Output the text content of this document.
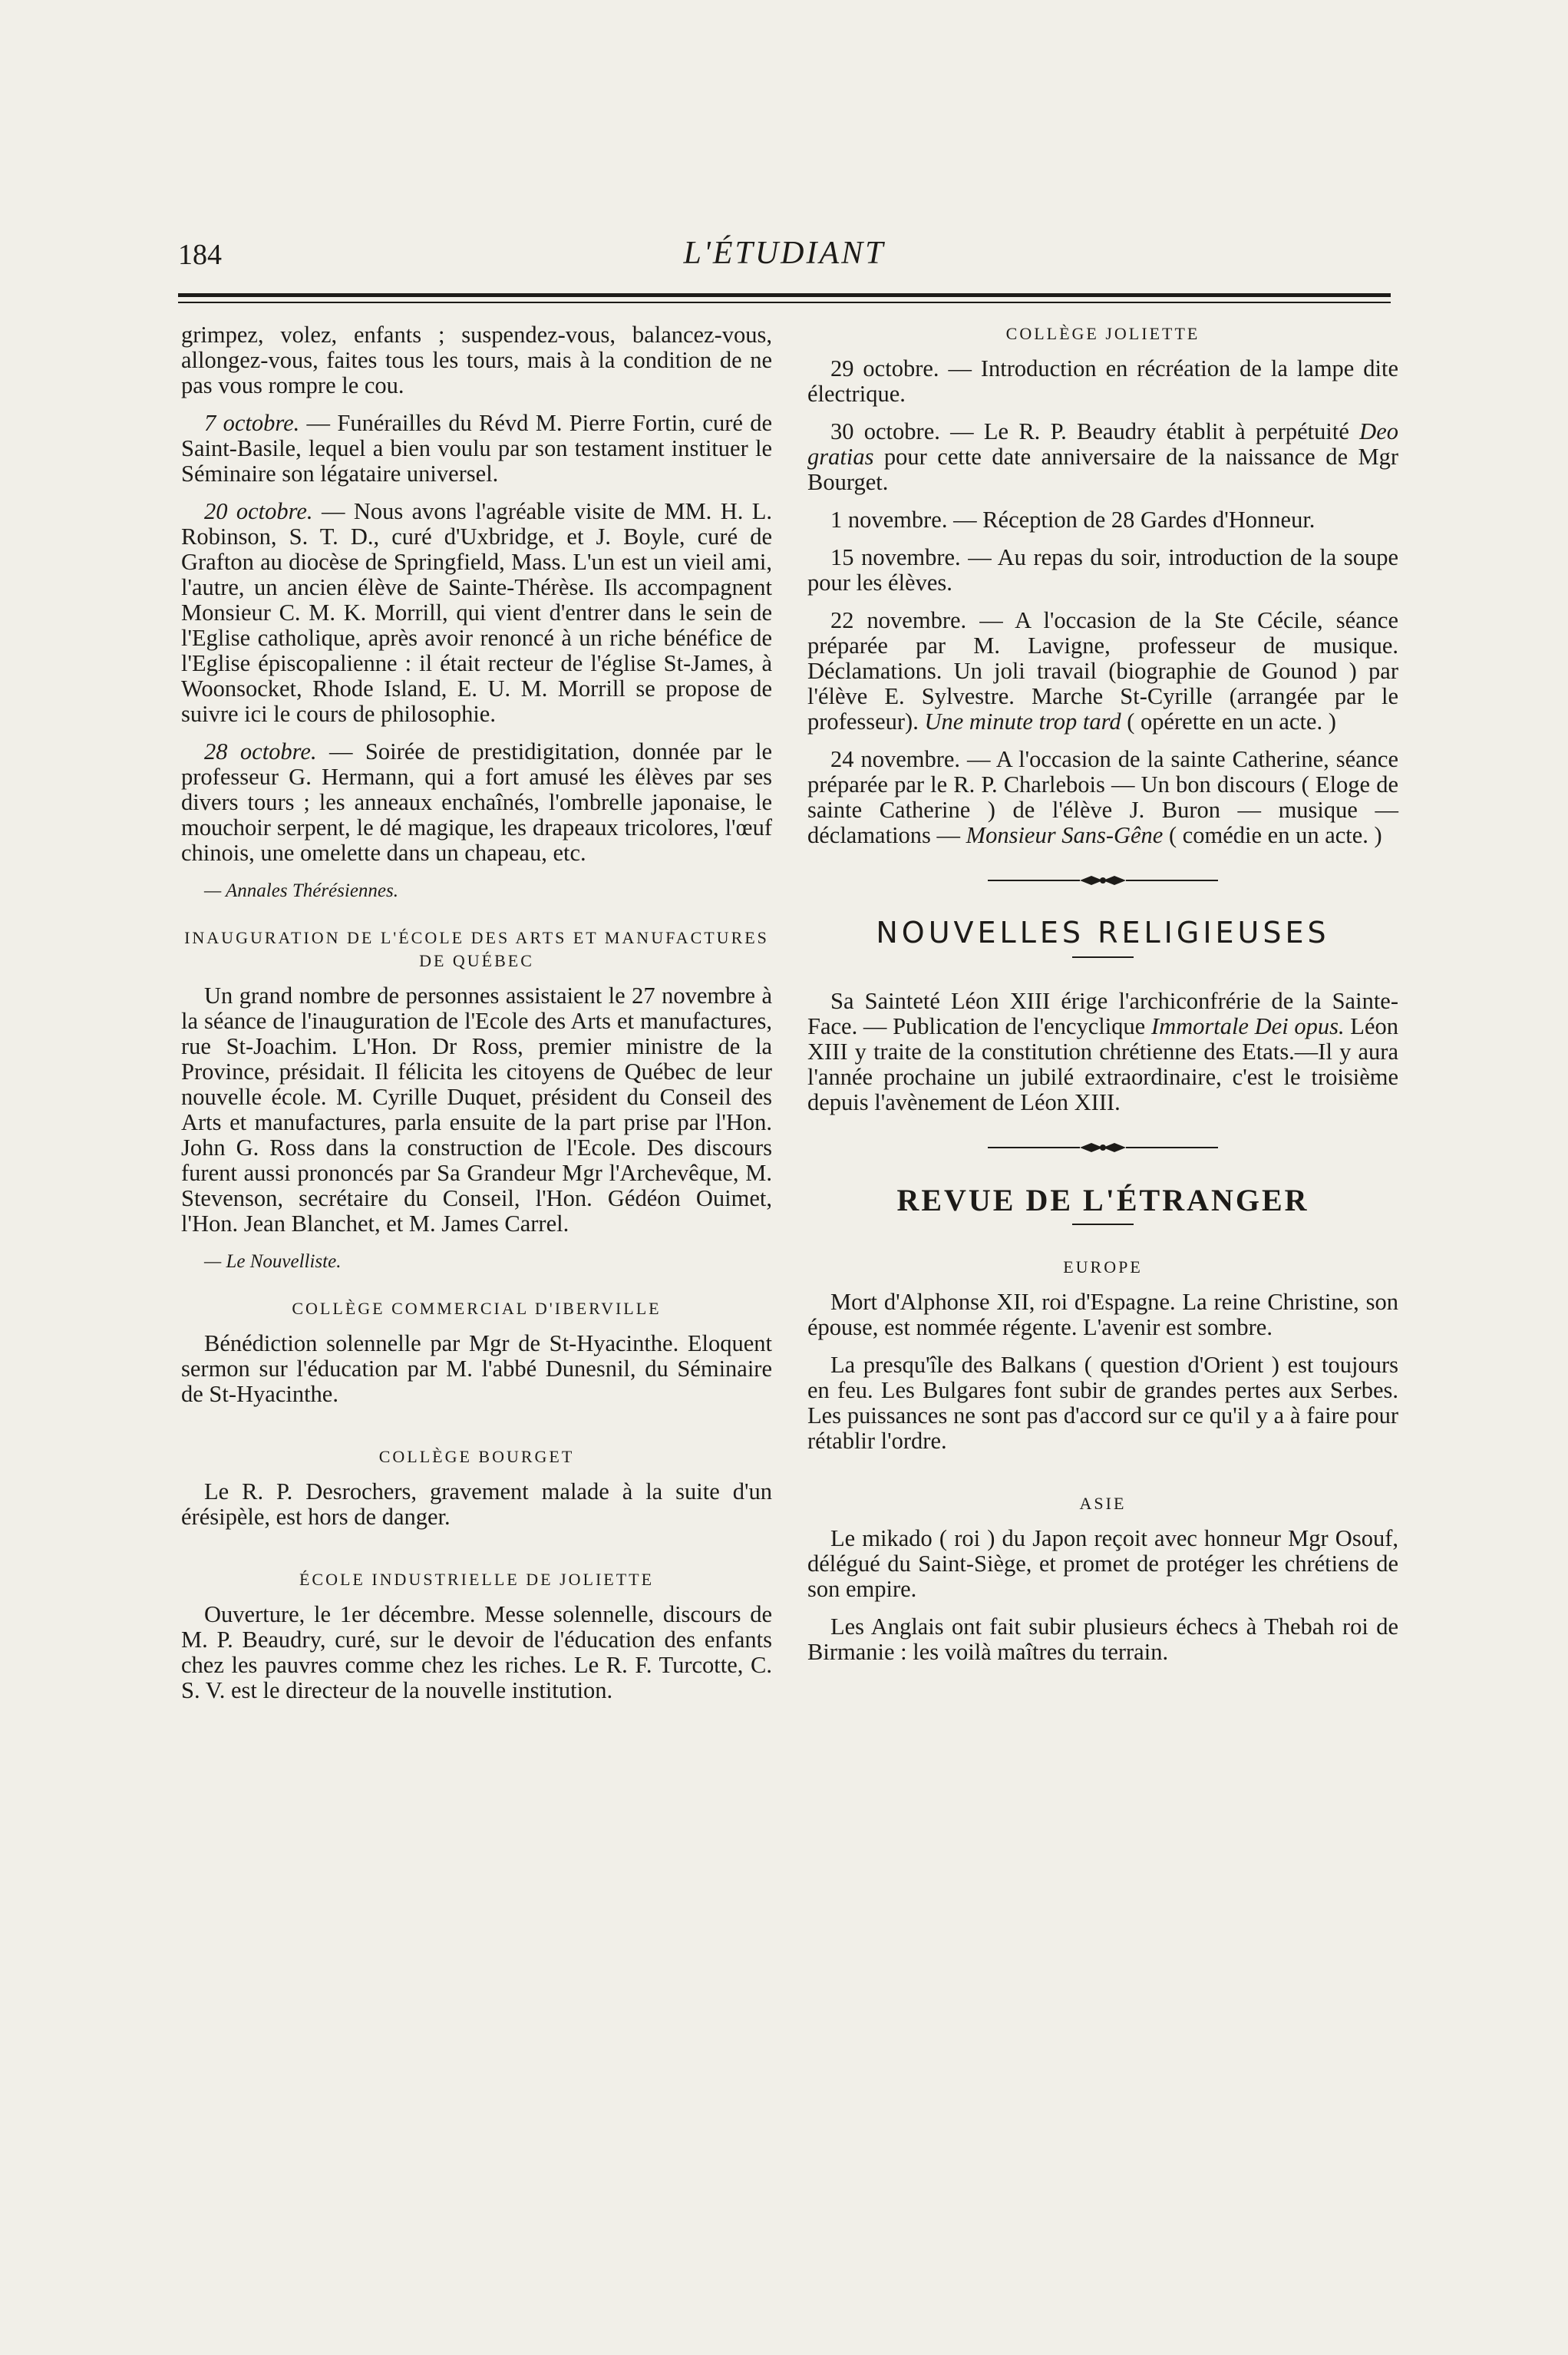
184	L'ÉTUDIANT

grimpez, volez, enfants ; suspendez-vous, balancez-vous, allongez-vous, faites tous les tours, mais à la condition de ne pas vous rompre le cou.

7 octobre. — Funérailles du Révd M. Pierre Fortin, curé de Saint-Basile, lequel a bien voulu par son testament instituer le Séminaire son légataire universel.

20 octobre. — Nous avons l'agréable visite de MM. H. L. Robinson, S. T. D., curé d'Uxbridge, et J. Boyle, curé de Grafton au diocèse de Springfield, Mass. L'un est un vieil ami, l'autre, un ancien élève de Sainte-Thérèse. Ils accompagnent Monsieur C. M. K. Morrill, qui vient d'entrer dans le sein de l'Eglise catholique, après avoir renoncé à un riche bénéfice de l'Eglise épiscopalienne : il était recteur de l'église St-James, à Woonsocket, Rhode Island, E. U. M. Morrill se propose de suivre ici le cours de philosophie.

28 octobre. — Soirée de prestidigitation, donnée par le professeur G. Hermann, qui a fort amusé les élèves par ses divers tours ; les anneaux enchaînés, l'ombrelle japonaise, le mouchoir serpent, le dé magique, les drapeaux tricolores, l'œuf chinois, une omelette dans un chapeau, etc.

— Annales Thérésiennes.

INAUGURATION DE L'ÉCOLE DES ARTS ET MANUFACTURES DE QUÉBEC

Un grand nombre de personnes assistaient le 27 novembre à la séance de l'inauguration de l'Ecole des Arts et manufactures, rue St-Joachim. L'Hon. Dr Ross, premier ministre de la Province, présidait. Il félicita les citoyens de Québec de leur nouvelle école. M. Cyrille Duquet, président du Conseil des Arts et manufactures, parla ensuite de la part prise par l'Hon. John G. Ross dans la construction de l'Ecole. Des discours furent aussi prononcés par Sa Grandeur Mgr l'Archevêque, M. Stevenson, secrétaire du Conseil, l'Hon. Gédéon Ouimet, l'Hon. Jean Blanchet, et M. James Carrel.

— Le Nouvelliste.

COLLÈGE COMMERCIAL D'IBERVILLE

Bénédiction solennelle par Mgr de St-Hyacinthe. Eloquent sermon sur l'éducation par M. l'abbé Dunesnil, du Séminaire de St-Hyacinthe.

COLLÈGE BOURGET

Le R. P. Desrochers, gravement malade à la suite d'un érésipèle, est hors de danger.

ÉCOLE INDUSTRIELLE DE JOLIETTE

Ouverture, le 1er décembre. Messe solennelle, discours de M. P. Beaudry, curé, sur le devoir de l'éducation des enfants chez les pauvres comme chez les riches. Le R. F. Turcotte, C. S. V. est le directeur de la nouvelle institution.

COLLÈGE JOLIETTE

29 octobre. — Introduction en récréation de la lampe dite électrique.

30 octobre. — Le R. P. Beaudry établit à perpétuité Deo gratias pour cette date anniversaire de la naissance de Mgr Bourget.

1 novembre. — Réception de 28 Gardes d'Honneur.

15 novembre. — Au repas du soir, introduction de la soupe pour les élèves.

22 novembre. — A l'occasion de la Ste Cécile, séance préparée par M. Lavigne, professeur de musique. Déclamations. Un joli travail (biographie de Gounod ) par l'élève E. Sylvestre. Marche St-Cyrille (arrangée par le professeur). Une minute trop tard ( opérette en un acte. )

24 novembre. — A l'occasion de la sainte Catherine, séance préparée par le R. P. Charlebois — Un bon discours ( Eloge de sainte Catherine ) de l'élève J. Buron — musique — déclamations — Monsieur Sans-Gêne ( comédie en un acte. )

NOUVELLES RELIGIEUSES

Sa Sainteté Léon XIII érige l'archiconfrérie de la Sainte-Face. — Publication de l'encyclique Immortale Dei opus. Léon XIII y traite de la constitution chrétienne des Etats.—Il y aura l'année prochaine un jubilé extraordinaire, c'est le troisième depuis l'avènement de Léon XIII.

REVUE DE L'ÉTRANGER
EUROPE

Mort d'Alphonse XII, roi d'Espagne. La reine Christine, son épouse, est nommée régente. L'avenir est sombre.

La presqu'île des Balkans ( question d'Orient ) est toujours en feu. Les Bulgares font subir de grandes pertes aux Serbes. Les puissances ne sont pas d'accord sur ce qu'il y a à faire pour rétablir l'ordre.

ASIE

Le mikado ( roi ) du Japon reçoit avec honneur Mgr Osouf, délégué du Saint-Siège, et promet de protéger les chrétiens de son empire.

Les Anglais ont fait subir plusieurs échecs à Thebah roi de Birmanie : les voilà maîtres du terrain.
